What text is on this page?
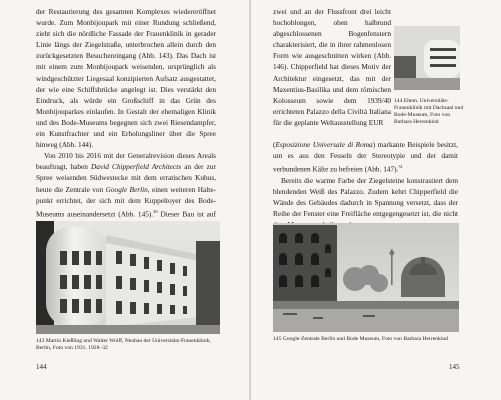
der Restaurierung des gesamten Komplexes wiedereröffnet wurde. Zum Monbijoupark mit einer Rundung schließend, zieht sich die nördliche Fassade der Frauenklinik in gerader Linie längs der Ziegelstraße, unterbrochen allein durch den zurückgesetzten Besuchereingang (Abb. 143). Das Dach ist mit einem zum Monbijoupark weisenden, ursprünglich als windgeschützter Liegesaal konzipierten Aufsatz ausgestattet, der wie eine Schiffsbrücke angelegt ist. Dies verstärkt den Eindruck, als würde ein Großschiff in das Grün des Monbijouparkes einlaufen. In Gestalt der ehemaligen Klinik und des Bode-Museums begegnen sich zwei Riesendampfer, ein Kunstfrachter und ein Erholungsliner über die Spree hinweg (Abb. 144).

Von 2010 bis 2016 mit der Generalrevision dieses Areals beauftragt, haben David Chipperfield Architects an der zur Spree weisenden Südwestecke mit dem erratischen Kubus, heute die Zentrale von Google Berlin, einen weiteren Halte-punkt errichtet, der sich mit dem Kuppeltoyer des Bode-Museums auseinandersetzt (Abb. 145).$^{30}$ Dieser Bau ist auf

143 Martin Kießling und Walter Wolff, Neubau der Universitäts-Frauenklinik, Berlin, Foto von 1931, 1928–32
144

zwei und an der Flussfront drei leicht hochoblongen, oben halbrund abgeschlossenen Bogenfenstern charakterisiert, die in ihrer rahmenlosen Form wie ausgeschnitten wirken (Abb. 146). Chipperfield hat dieses Motiv der Architektur eingesetzt, das mit der Maxentius-Basilika und dem römischen Kolosseum sowie dem 1939/40 errichteten Palazzo della Civiltà Italiana für die geplante Weltausstellung EUR

(Esposizione Universale di Roma) markante Beispiele besitzt, um es aus den Fesseln der Stereotypie und der damit verbundenen Kälte zu befreien (Abb. 147).$^{31}$

Bereits die warme Farbe der Ziegelsteine konstrastiert dem blendenden Weiß des Palazzo. Zudem kehrt Chipperfield die Wände des Gebäudes dadurch in Spannung versetzt, dass der Reihe der Fenster eine Freifläche entgegengesetzt ist, die nicht

144 Ehem. Universitäts-Frauenklinik mit Dachsaal und Bode-Museum, Foto von Barbara Herrenkind
145 Google-Zentrale Berlin und Bode Museum, Foto von Barbara Herrenkind
145
